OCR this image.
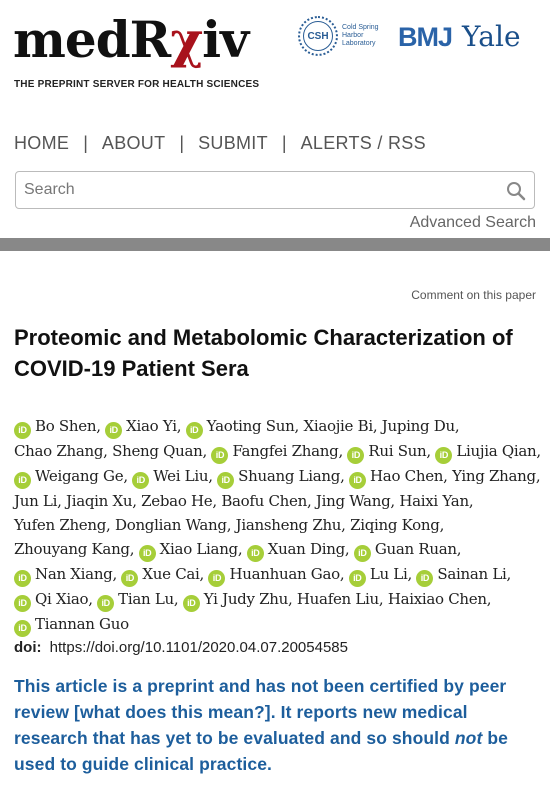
medRχiv
THE PREPRINT SERVER FOR HEALTH SCIENCES
CSH
Cold Spring Harbor Laboratory BMJ Yale
HOME | ABOUT | SUBMIT | ALERTS / RSS
Search
Advanced Search
Comment on this paper
Proteomic and Metabolomic Characterization of COVID-19 Patient Sera
iD Bo Shen, iD Xiao Yi, iD Yaoting Sun, Xiaojie Bi, Juping Du, Chao Zhang, Sheng Quan, iD Fangfei Zhang, iD Rui Sun, iD Liujia Qian, iD Weigang Ge, iD Wei Liu, iD Shuang Liang, iD Hao Chen, Ying Zhang, Jun Li, Jiaqin Xu, Zebao He, Baofu Chen, Jing Wang, Haixi Yan, Yufen Zheng, Donglian Wang, Jiansheng Zhu, Ziqing Kong, Zhouyang Kang, iD Xiao Liang, iD Xuan Ding, iD Guan Ruan, iD Nan Xiang, iD Xue Cai, iD Huanhuan Gao, iD Lu Li, iD Sainan Li, iD Qi Xiao, iD Tian Lu, iD Yi Judy Zhu, Huafen Liu, Haixiao Chen, iD Tiannan Guo
doi: https://doi.org/10.1101/2020.04.07.20054585
This article is a preprint and has not been certified by peer review [what does this mean?]. It reports new medical research that has yet to be evaluated and so should not be used to guide clinical practice.
